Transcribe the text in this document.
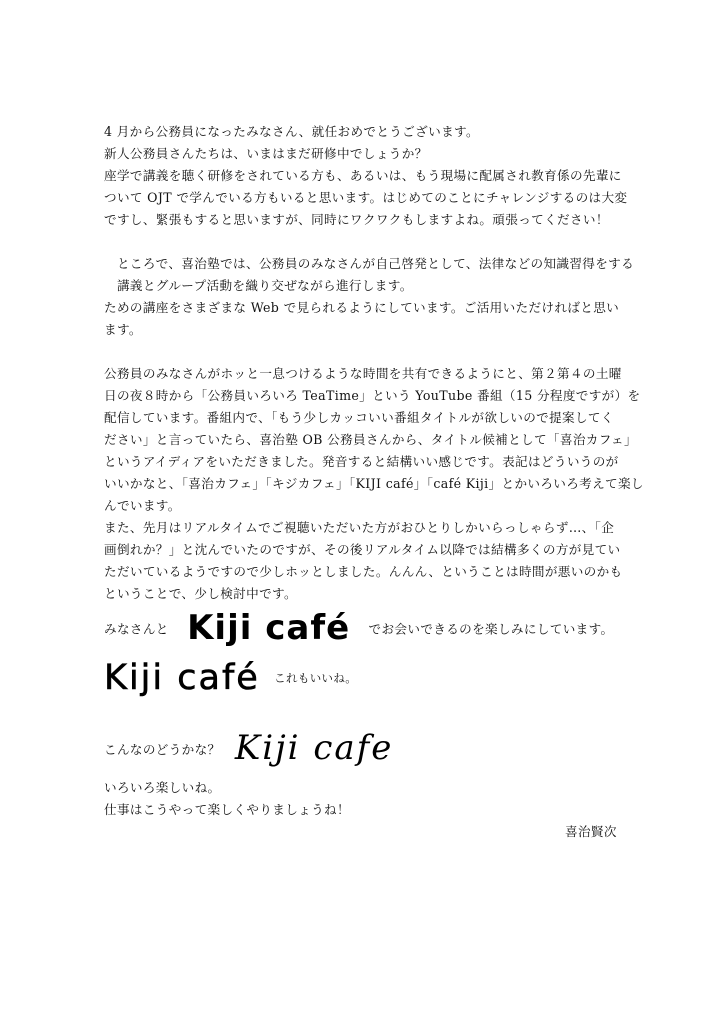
4 月から公務員になったみなさん、就任おめでとうございます。
新人公務員さんたちは、いまはまだ研修中でしょうか？
座学で講義を聴く研修をされている方も、あるいは、もう現場に配属され教育係の先輩に
ついて OJT で学んでいる方もいると思います。はじめてのことにチャレンジするのは大変
ですし、緊張もすると思いますが、同時にワクワクもしますよね。頑張ってください！
　ところで、喜治塾では、公務員のみなさんが自己啓発として、法律などの知識習得をする
　講義とグループ活動を織り交ぜながら進行します。
ための講座をさまざまな Web で見られるようにしています。ご活用いただければと思い
ます。
公務員のみなさんがホッと一息つけるような時間を共有できるようにと、第２第４の土曜
日の夜８時から「公務員いろいろ TeaTime」という YouTube 番組（15 分程度ですが）を
配信しています。番組内で、「もう少しカッコいい番組タイトルが欲しいので提案してく
ださい」と言っていたら、喜治塾 OB 公務員さんから、タイトル候補として「喜治カフェ」
というアイディアをいただきました。発音すると結構いい感じです。表記はどういうのが
いいかなと、「喜治カフェ」「キジカフェ」「KIJI café」「café Kiji」とかいろいろ考えて楽し
んでいます。
また、先月はリアルタイムでご視聴いただいた方がおひとりしかいらっしゃらず…、「企
画倒れか？」と沈んでいたのですが、その後リアルタイム以降では結構多くの方が見てい
ただいているようですので少しホッとしました。んんん、ということは時間が悪いのかも
ということで、少し検討中です。
みなさんと Kiji café でお会いできるのを楽しみにしています。
Kiji café これもいいね。
こんなのどうかな？ Kiji cafe
いろいろ楽しいね。
仕事はこうやって楽しくやりましょうね！
喜治賢次
